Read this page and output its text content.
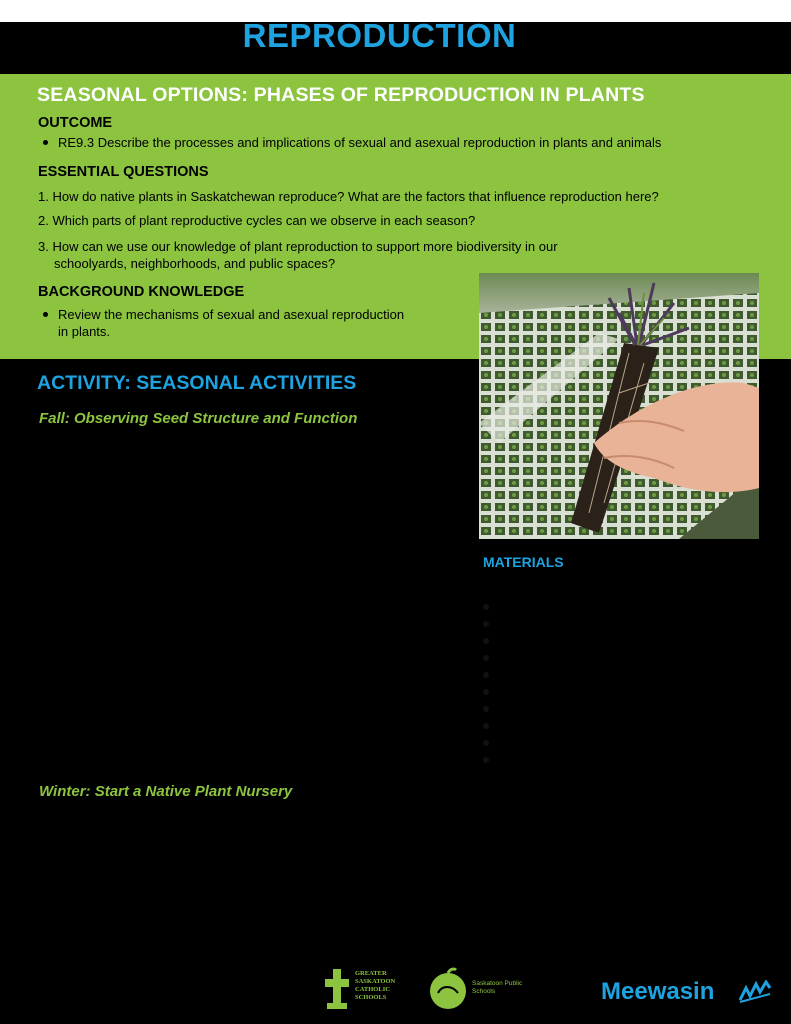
REPRODUCTION
SEASONAL OPTIONS: PHASES OF REPRODUCTION IN PLANTS

OUTCOME

RE9.3 Describe the processes and implications of sexual and asexual reproduction in plants and animals

ESSENTIAL QUESTIONS

1. How do native plants in Saskatchewan reproduce? What are the factors that influence reproduction here?

2. Which parts of plant reproductive cycles can we observe in each season?

3. How can we use our knowledge of plant reproduction to support more biodiversity in our

schoolyards, neighborhoods, and public spaces?

BACKGROUND KNOWLEDGE

Review the mechanisms of sexual and asexual reproduction

in plants.

ACTIVITY: SEASONAL ACTIVITIES

Fall: Observing Seed Structure and Function

MATERIALS

Winter: Start a Native Plant Nursery

GREATER SASKATOON CATHOLIC SCHOOLS
Saskatoon Public Schools	Meewasin
